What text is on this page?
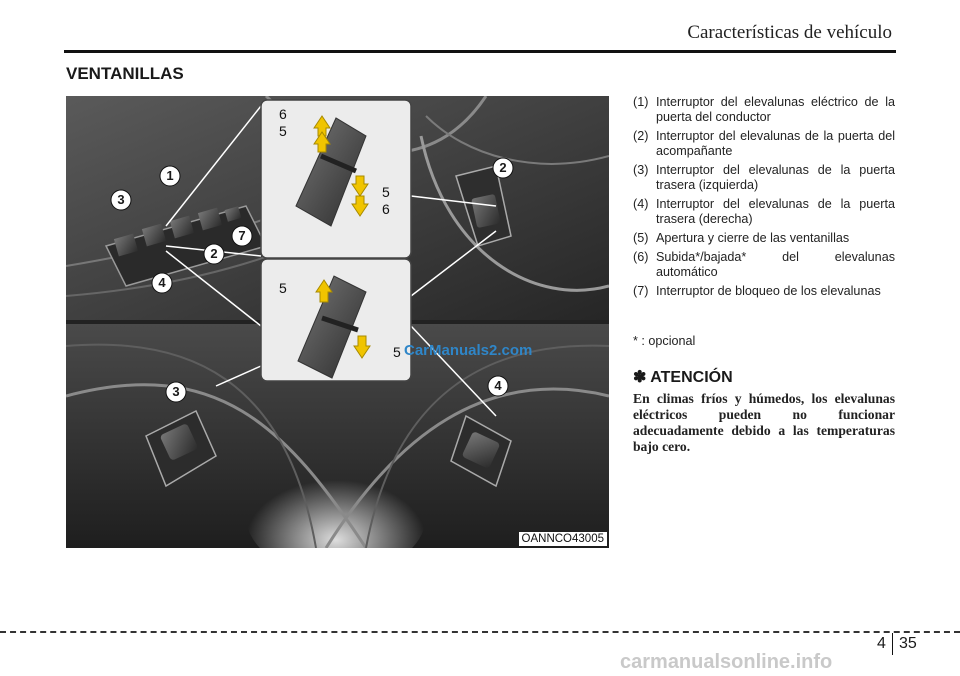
Características de vehículo
VENTANILLAS
1
2
3
4
7
2
4
3
6
5
5
6
5
5
OANNCO43005
CarManuals2.com
(1) Interruptor del elevalunas eléctrico de la puerta del conductor
(2) Interruptor del elevalunas de la puerta del acompañante
(3) Interruptor del elevalunas de la puerta trasera (izquierda)
(4) Interruptor del elevalunas de la puerta trasera (derecha)
(5) Apertura y cierre de las ventanillas
(6) Subida*/bajada* del elevalunas automático
(7) Interruptor de bloqueo de los elevalunas
* : opcional
✽ ATENCIÓN
En climas fríos y húmedos, los elevalunas eléctricos pueden no funcionar adecuadamente debido a las temperaturas bajo cero.
4 35
carmanualsonline.info
